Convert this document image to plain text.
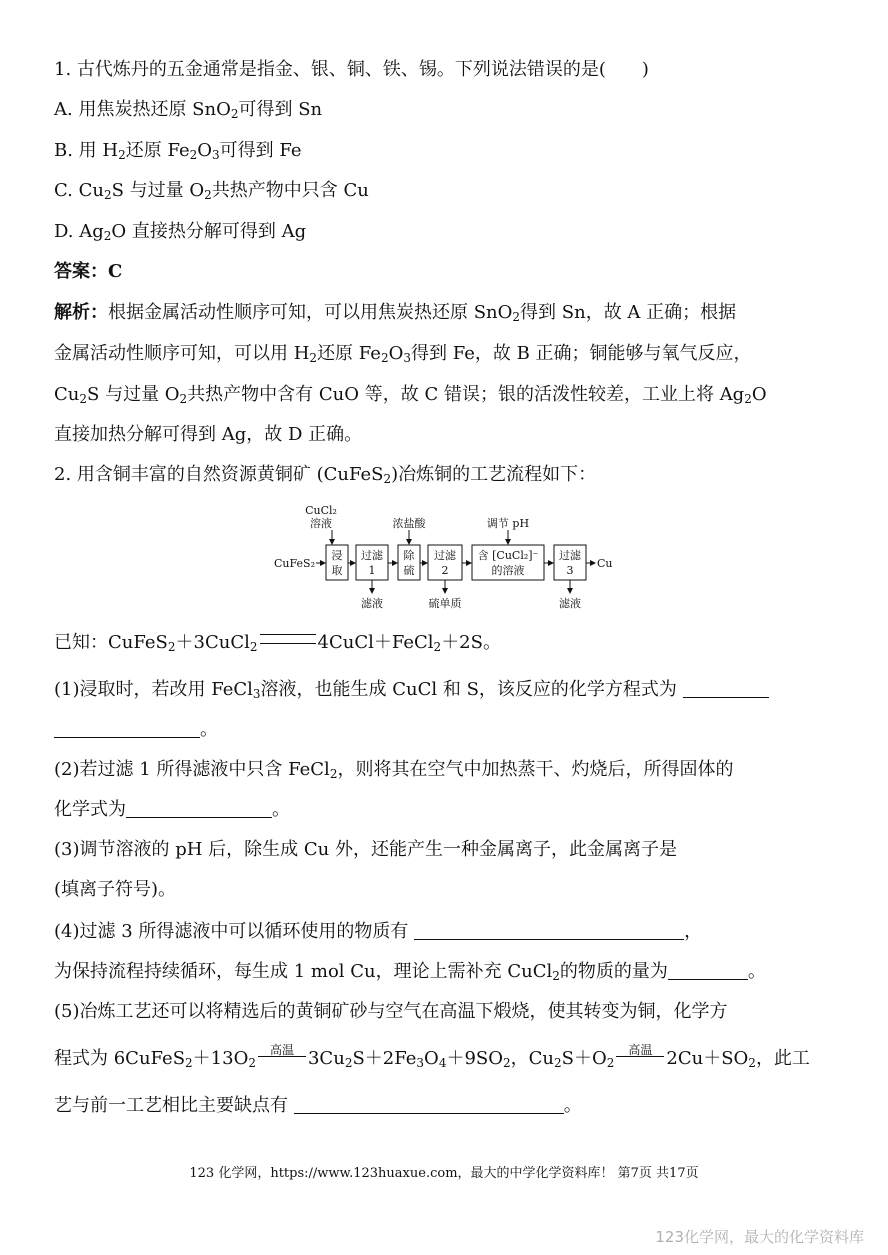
1. 古代炼丹的五金通常是指金、银、铜、铁、锡。下列说法错误的是(　　)
A. 用焦炭热还原 SnO$_2$可得到 Sn
B. 用 $H_2$还原 $Fe_2O_3$可得到 Fe
C. $Cu_2S$ 与过量 $O_2$共热产物中只含 Cu
D. $Ag_2O$ 直接热分解可得到 Ag
答案：C
解析：根据金属活动性顺序可知，可以用焦炭热还原 SnO$_2$得到 Sn，故 A 正确；根据
金属活动性顺序可知，可以用 $H_2$还原 $Fe_2O_3$得到 Fe，故 B 正确；铜能够与氧气反应，
$Cu_2S$ 与过量 $O_2$共热产物中含有 CuO 等，故 C 错误；银的活泼性较差，工业上将 $Ag_2O$
直接加热分解可得到 Ag，故 D 正确。
2. 用含铜丰富的自然资源黄铜矿 (CuFeS$_2$)冶炼铜的工艺流程如下：
CuFeS₂
CuCl₂
溶液	浓盐酸	调节 pH
浸
取
过滤
1
除
硫
过滤
2
含 [CuCl₂]⁻
的溶液
过滤
3
Cu
滤液	硫单质	滤液
已知：CuFeS$_2$＋3CuCl$_2$	4CuCl＋FeCl$_2$＋2S。
(1)浸取时，若改用 FeCl$_3$溶液，也能生成 CuCl 和 S，该反应的化学方程式为
。
(2)若过滤 1 所得滤液中只含 FeCl$_2$，则将其在空气中加热蒸干、灼烧后，所得固体的
化学式为	。
(3)调节溶液的 pH 后，除生成 Cu 外，还能产生一种金属离子，此金属离子是
(填离子符号)。
(4)过滤 3 所得滤液中可以循环使用的物质有	，
为保持流程持续循环，每生成 1 mol Cu，理论上需补充 CuCl$_2$的物质的量为	。
(5)冶炼工艺还可以将精选后的黄铜矿砂与空气在高温下煅烧，使其转变为铜，化学方
程式为 $6CuFeS_2+13O_2$
高温 $3Cu_2S+2Fe_3O_4+9SO_2$，$Cu_2S+O_2$
高温 $2Cu+SO_2$，此工
艺与前一工艺相比主要缺点有	。
123 化学网，https://www.123huaxue.com，最大的中学化学资料库！ 第7页 共17页
123化学网，最大的化学资料库
